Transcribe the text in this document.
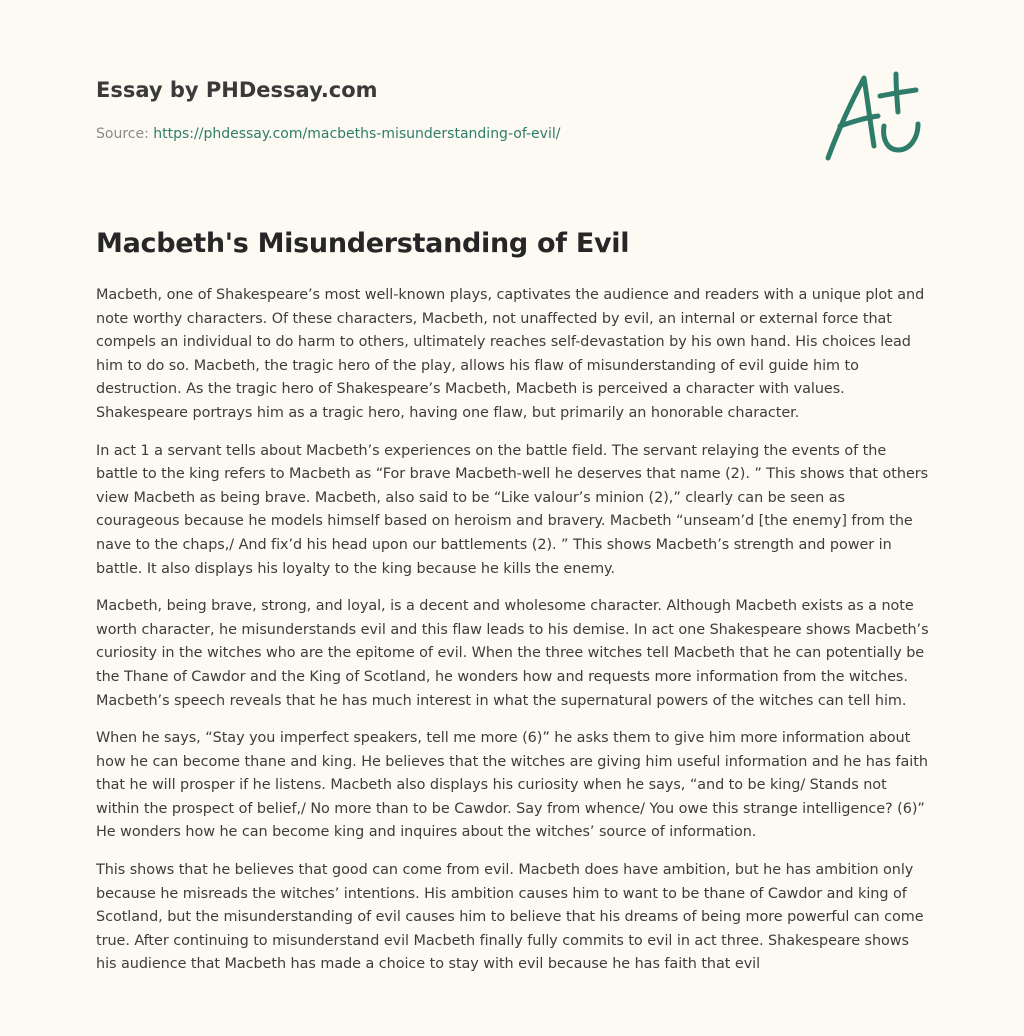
Essay by PHDessay.com
Source: https://phdessay.com/macbeths-misunderstanding-of-evil/
Macbeth's Misunderstanding of Evil

Macbeth, one of Shakespeare’s most well-known plays, captivates the audience and readers with a unique plot and note worthy characters. Of these characters, Macbeth, not unaffected by evil, an internal or external force that compels an individual to do harm to others, ultimately reaches self-devastation by his own hand. His choices lead him to do so. Macbeth, the tragic hero of the play, allows his flaw of misunderstanding of evil guide him to destruction. As the tragic hero of Shakespeare’s Macbeth, Macbeth is perceived a character with values. Shakespeare portrays him as a tragic hero, having one flaw, but primarily an honorable character.

In act 1 a servant tells about Macbeth’s experiences on the battle field. The servant relaying the events of the battle to the king refers to Macbeth as “For brave Macbeth-well he deserves that name (2). ” This shows that others view Macbeth as being brave. Macbeth, also said to be “Like valour’s minion (2),” clearly can be seen as courageous because he models himself based on heroism and bravery. Macbeth “unseam’d [the enemy] from the nave to the chaps,/ And fix’d his head upon our battlements (2). ” This shows Macbeth’s strength and power in battle. It also displays his loyalty to the king because he kills the enemy.

Macbeth, being brave, strong, and loyal, is a decent and wholesome character. Although Macbeth exists as a note worth character, he misunderstands evil and this flaw leads to his demise. In act one Shakespeare shows Macbeth’s curiosity in the witches who are the epitome of evil. When the three witches tell Macbeth that he can potentially be the Thane of Cawdor and the King of Scotland, he wonders how and requests more information from the witches. Macbeth’s speech reveals that he has much interest in what the supernatural powers of the witches can tell him.

When he says, “Stay you imperfect speakers, tell me more (6)” he asks them to give him more information about how he can become thane and king. He believes that the witches are giving him useful information and he has faith that he will prosper if he listens. Macbeth also displays his curiosity when he says, “and to be king/ Stands not within the prospect of belief,/ No more than to be Cawdor. Say from whence/ You owe this strange intelligence? (6)” He wonders how he can become king and inquires about the witches’ source of information.

This shows that he believes that good can come from evil. Macbeth does have ambition, but he has ambition only because he misreads the witches’ intentions. His ambition causes him to want to be thane of Cawdor and king of Scotland, but the misunderstanding of evil causes him to believe that his dreams of being more powerful can come true. After continuing to misunderstand evil Macbeth finally fully commits to evil in act three. Shakespeare shows his audience that Macbeth has made a choice to stay with evil because he has faith that evil
